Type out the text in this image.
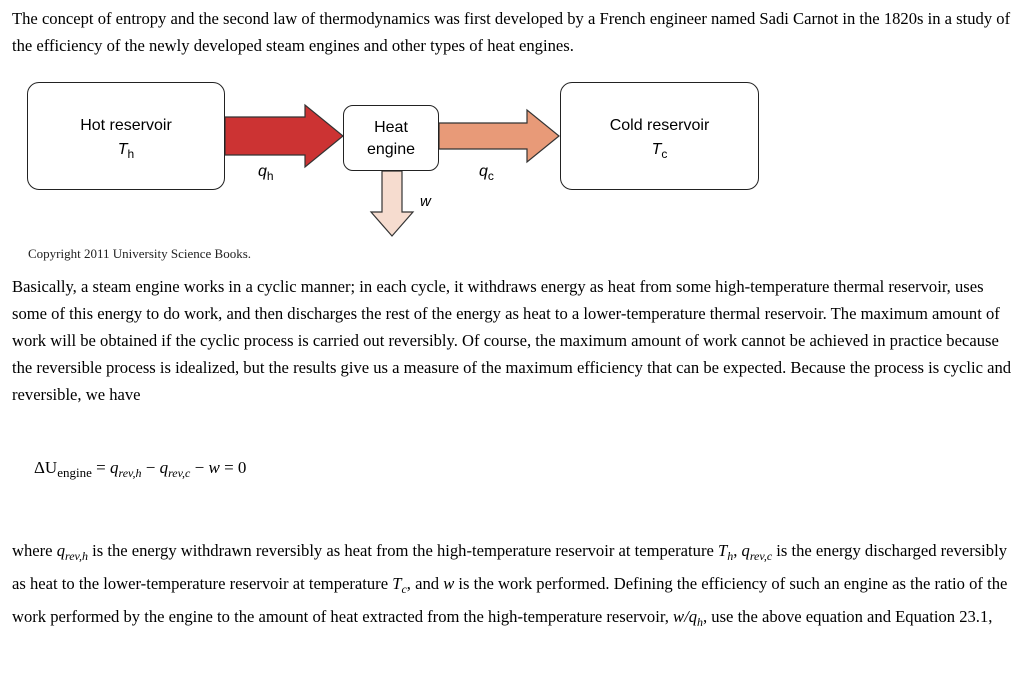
The concept of entropy and the second law of thermodynamics was first developed by a French engineer named Sadi Carnot in the 1820s in a study of the efficiency of the newly developed steam engines and other types of heat engines.

Hot reservoir
$T_h$
Heat
engine
Cold reservoir
$T_c$
$q_h$	$q_c$
w
Copyright 2011 University Science Books.

Basically, a steam engine works in a cyclic manner; in each cycle, it withdraws energy as heat from some high-temperature thermal reservoir, uses some of this energy to do work, and then discharges the rest of the energy as heat to a lower-temperature thermal reservoir. The maximum amount of work will be obtained if the cyclic process is carried out reversibly. Of course, the maximum amount of work cannot be achieved in practice because the reversible process is idealized, but the results give us a measure of the maximum efficiency that can be expected. Because the process is cyclic and reversible, we have

$\Delta U_{engine} = q_{rev,h} - q_{rev,c} - w = 0$

where $q_{rev,h}$ is the energy withdrawn reversibly as heat from the high-temperature reservoir at temperature $T_h$, $q_{rev,c}$ is the energy discharged reversibly as heat to the lower-temperature reservoir at temperature $T_c$, and w is the work performed. Defining the efficiency of such an engine as the ratio of the work performed by the engine to the amount of heat extracted from the high-temperature reservoir, $w/q_h$, use the above equation and Equation 23.1,
